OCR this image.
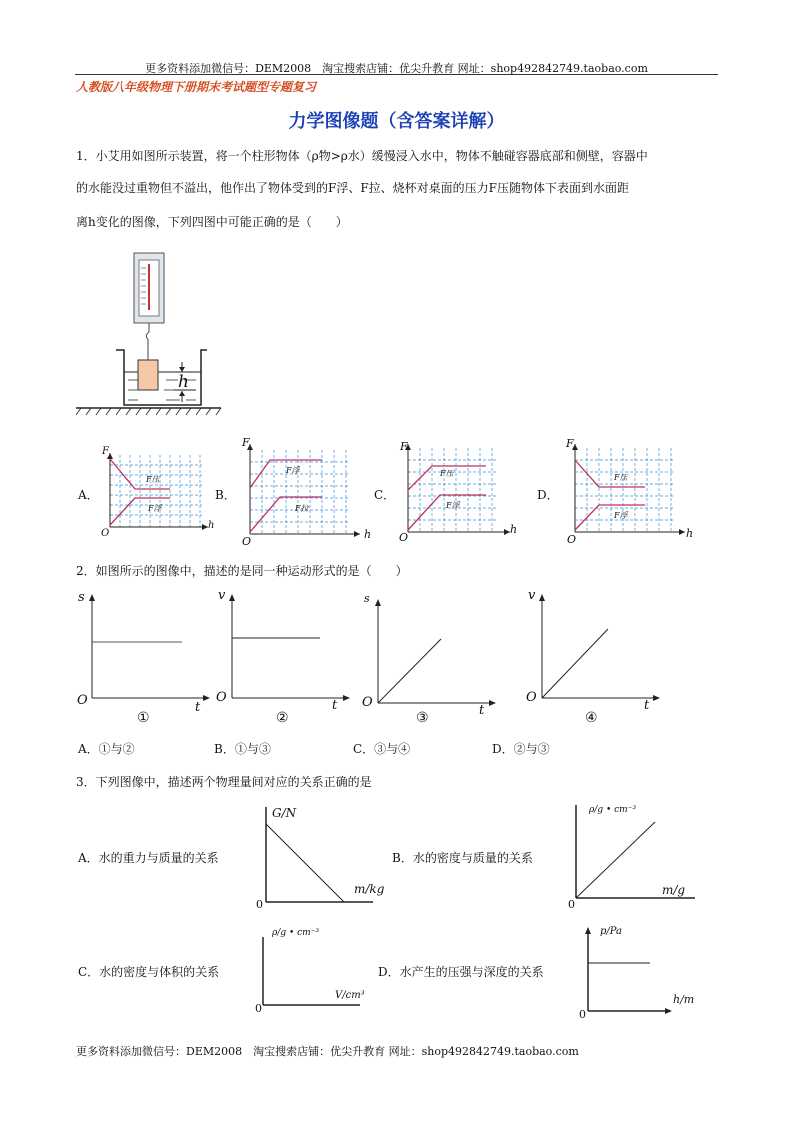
更多资料添加微信号：DEM2008　淘宝搜索店铺：优尖升教育 网址：shop492842749.taobao.com
人教版八年级物理下册期末考试题型专题复习
力学图像题（含答案详解）
1．小艾用如图所示装置，将一个柱形物体（ρ物>ρ水）缓慢浸入水中，物体不触碰容器底部和侧壁，容器中
的水能没过重物但不溢出，他作出了物体受到的F浮、F拉、烧杯对桌面的压力F压随物体下表面到水面距
离h变化的图像，下列四图中可能正确的是（　　）
h
A．	B．	C．	D．
F
O
h
F压
F浮
F
O
h
F浮
F拉
F
O
h
F压
F浮
F
O	h
F压
F浮
2．如图所示的图像中，描述的是同一种运动形式的是（　　）
s
O	t
①
v
O
t
②
s
O
t
③
v
O
t
④
A．①与②	B．①与③	C．③与④	D．②与③
3．下列图像中，描述两个物理量间对应的关系正确的是
A．水的重力与质量的关系
G/N
m/kg
0
B．水的密度与质量的关系
ρ/g • cm⁻³
m/g
0
C．水的密度与体积的关系
ρ/g • cm⁻³
V/cm³
0
D．水产生的压强与深度的关系
p/Pa
h/m
0
更多资料添加微信号：DEM2008　淘宝搜索店铺：优尖升教育 网址：shop492842749.taobao.com
